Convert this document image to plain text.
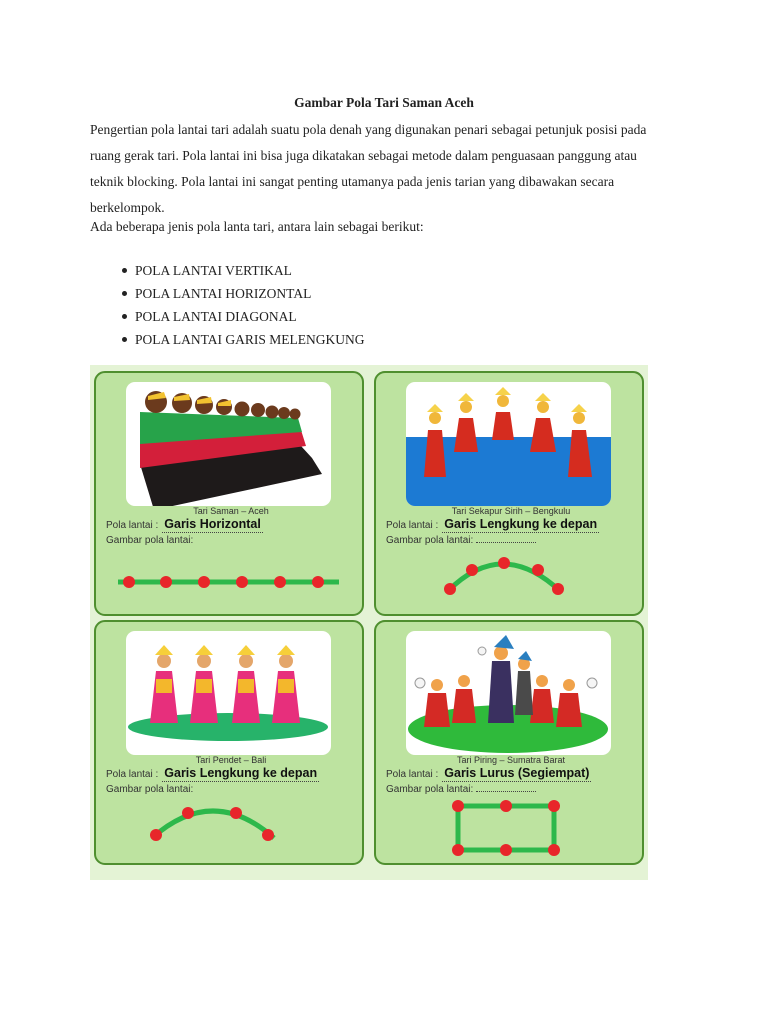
Gambar Pola Tari Saman Aceh

Pengertian pola lantai tari adalah suatu pola denah yang digunakan penari sebagai petunjuk posisi pada
ruang gerak tari. Pola lantai ini bisa juga dikatakan sebagai metode dalam penguasaan panggung atau
teknik blocking. Pola lantai ini sangat penting utamanya pada jenis tarian yang dibawakan secara
berkelompok.

Ada beberapa jenis pola lanta tari, antara lain sebagai berikut:

POLA LANTAI VERTIKAL
POLA LANTAI HORIZONTAL
POLA LANTAI DIAGONAL
POLA LANTAI GARIS MELENGKUNG
Tari Saman – Aceh
Pola lantai : Garis Horizontal
Gambar pola lantai:
Tari Sekapur Sirih – Bengkulu
Pola lantai : Garis Lengkung ke depan
Gambar pola lantai:
Tari Pendet – Bali
Pola lantai : Garis Lengkung ke depan
Gambar pola lantai:
Tari Piring – Sumatra Barat
Pola lantai : Garis Lurus (Segiempat)
Gambar pola lantai:
